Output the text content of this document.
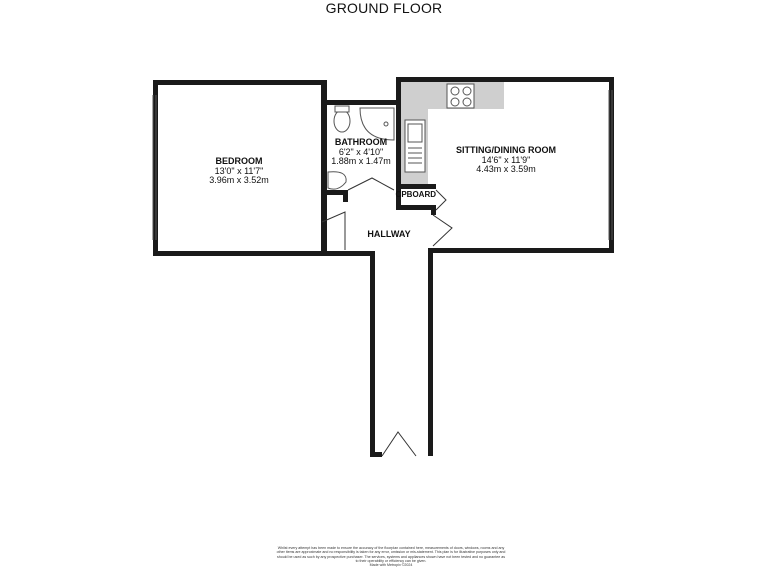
GROUND FLOOR
BEDROOM
13'0" x 11'7"
3.96m x 3.52m
BATHROOM
6'2" x 4'10"
1.88m x 1.47m
SITTING/DINING ROOM
14'6" x 11'9"
4.43m x 3.59m
CPBOARD
HALLWAY
Whilst every attempt has been made to ensure the accuracy of the floorplan contained here, measurements of doors, windows, rooms and any other items are approximate and no responsibility is taken for any error, omission or mis-statement. This plan is for illustrative purposes only and should be used as such by any prospective purchaser. The services, systems and appliances shown have not been tested and no guarantee as to their operability or efficiency can be given.
Made with Metropix ©2024
